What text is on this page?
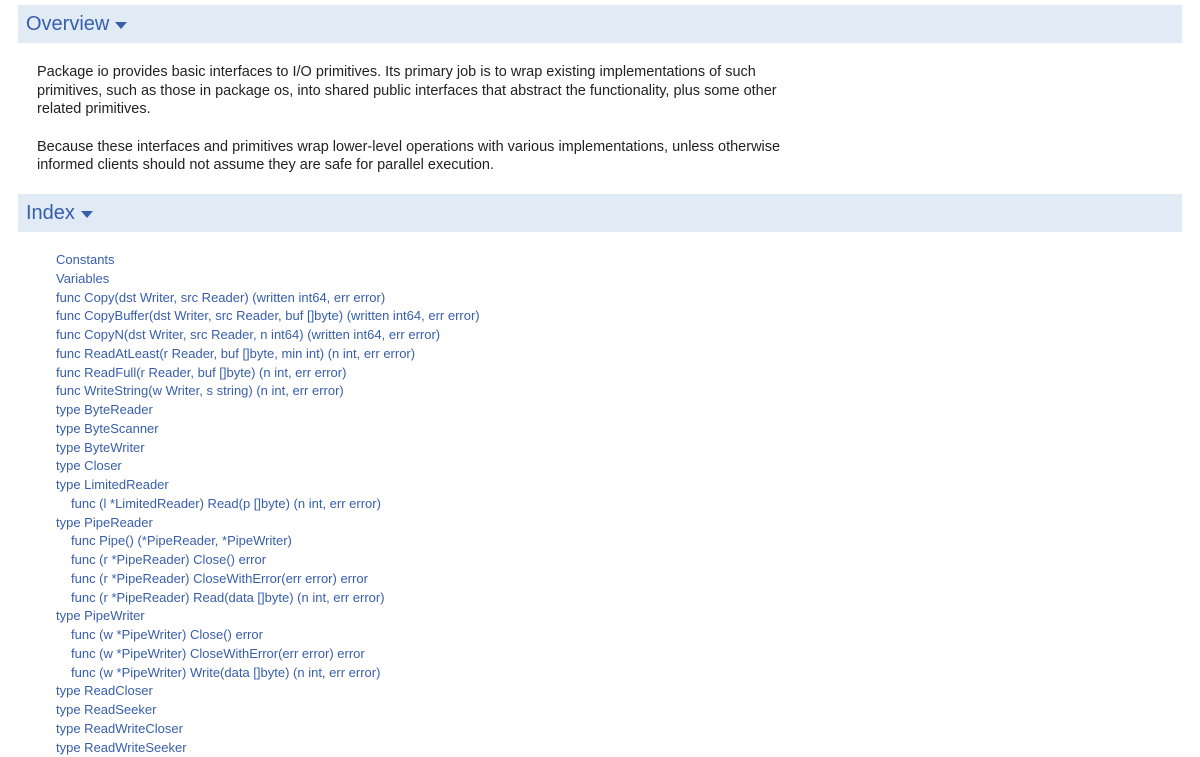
Overview

Package io provides basic interfaces to I/O primitives. Its primary job is to wrap existing implementations of such primitives, such as those in package os, into shared public interfaces that abstract the functionality, plus some other related primitives.

Because these interfaces and primitives wrap lower-level operations with various implementations, unless otherwise informed clients should not assume they are safe for parallel execution.

Index
Constants
Variables
func Copy(dst Writer, src Reader) (written int64, err error)
func CopyBuffer(dst Writer, src Reader, buf []byte) (written int64, err error)
func CopyN(dst Writer, src Reader, n int64) (written int64, err error)
func ReadAtLeast(r Reader, buf []byte, min int) (n int, err error)
func ReadFull(r Reader, buf []byte) (n int, err error)
func WriteString(w Writer, s string) (n int, err error)
type ByteReader
type ByteScanner
type ByteWriter
type Closer
type LimitedReader
func (l *LimitedReader) Read(p []byte) (n int, err error)
type PipeReader
func Pipe() (*PipeReader, *PipeWriter)
func (r *PipeReader) Close() error
func (r *PipeReader) CloseWithError(err error) error
func (r *PipeReader) Read(data []byte) (n int, err error)
type PipeWriter
func (w *PipeWriter) Close() error
func (w *PipeWriter) CloseWithError(err error) error
func (w *PipeWriter) Write(data []byte) (n int, err error)
type ReadCloser
type ReadSeeker
type ReadWriteCloser
type ReadWriteSeeker
